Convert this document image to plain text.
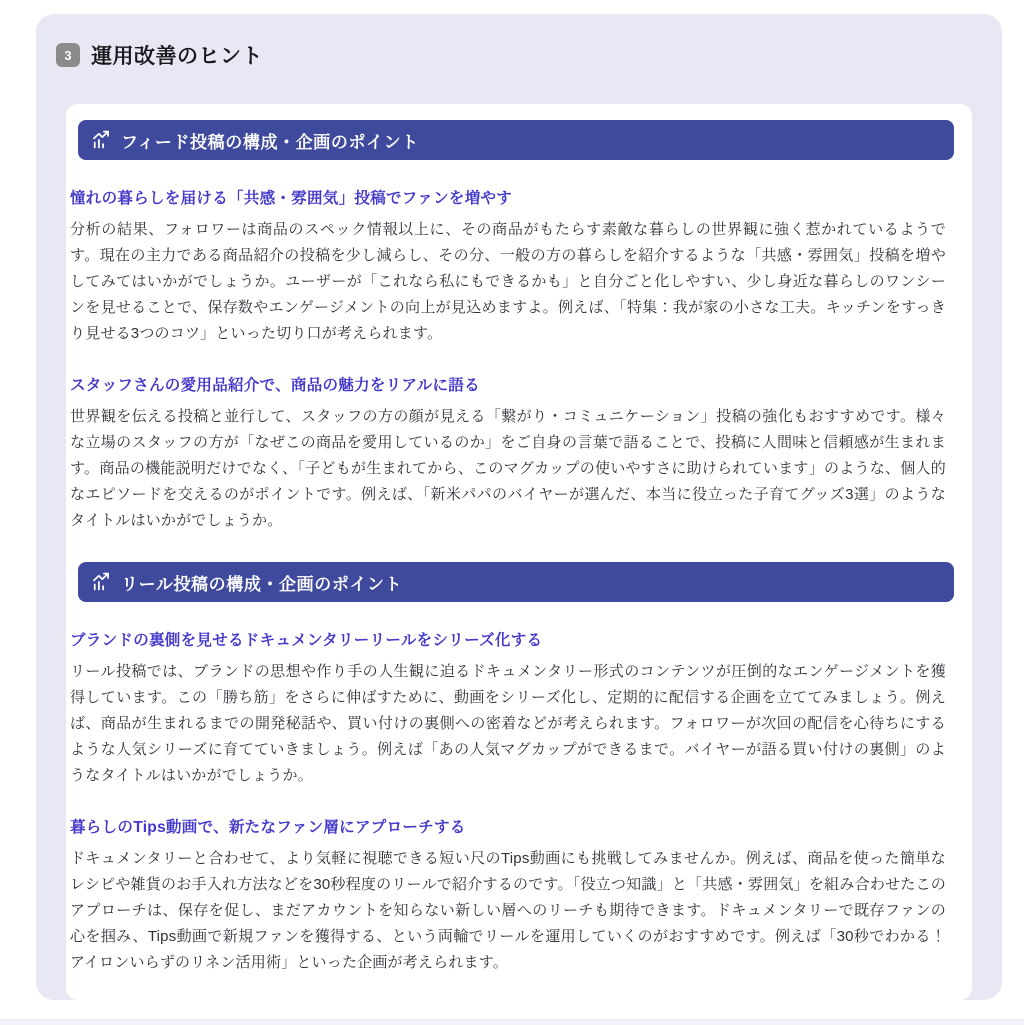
3 運用改善のヒント
フィード投稿の構成・企画のポイント
憧れの暮らしを届ける「共感・雰囲気」投稿でファンを増やす

分析の結果、フォロワーは商品のスペック情報以上に、その商品がもたらす素敵な暮らしの世界観に強く惹かれているようです。現在の主力である商品紹介の投稿を少し減らし、その分、一般の方の暮らしを紹介するような「共感・雰囲気」投稿を増やしてみてはいかがでしょうか。ユーザーが「これなら私にもできるかも」と自分ごと化しやすい、少し身近な暮らしのワンシーンを見せることで、保存数やエンゲージメントの向上が見込めますよ。例えば、「特集：我が家の小さな工夫。キッチンをすっきり見せる3つのコツ」といった切り口が考えられます。

スタッフさんの愛用品紹介で、商品の魅力をリアルに語る

世界観を伝える投稿と並行して、スタッフの方の顔が見える「繋がり・コミュニケーション」投稿の強化もおすすめです。様々な立場のスタッフの方が「なぜこの商品を愛用しているのか」をご自身の言葉で語ることで、投稿に人間味と信頼感が生まれます。商品の機能説明だけでなく、「子どもが生まれてから、このマグカップの使いやすさに助けられています」のような、個人的なエピソードを交えるのがポイントです。例えば、「新米パパのバイヤーが選んだ、本当に役立った子育てグッズ3選」のようなタイトルはいかがでしょうか。

リール投稿の構成・企画のポイント
ブランドの裏側を見せるドキュメンタリーリールをシリーズ化する

リール投稿では、ブランドの思想や作り手の人生観に迫るドキュメンタリー形式のコンテンツが圧倒的なエンゲージメントを獲得しています。この「勝ち筋」をさらに伸ばすために、動画をシリーズ化し、定期的に配信する企画を立ててみましょう。例えば、商品が生まれるまでの開発秘話や、買い付けの裏側への密着などが考えられます。フォロワーが次回の配信を心待ちにするような人気シリーズに育てていきましょう。例えば「あの人気マグカップができるまで。バイヤーが語る買い付けの裏側」のようなタイトルはいかがでしょうか。

暮らしのTips動画で、新たなファン層にアプローチする

ドキュメンタリーと合わせて、より気軽に視聴できる短い尺のTips動画にも挑戦してみませんか。例えば、商品を使った簡単なレシピや雑貨のお手入れ方法などを30秒程度のリールで紹介するのです。「役立つ知識」と「共感・雰囲気」を組み合わせたこのアプローチは、保存を促し、まだアカウントを知らない新しい層へのリーチも期待できます。ドキュメンタリーで既存ファンの心を掴み、Tips動画で新規ファンを獲得する、という両輪でリールを運用していくのがおすすめです。例えば「30秒でわかる！アイロンいらずのリネン活用術」といった企画が考えられます。
